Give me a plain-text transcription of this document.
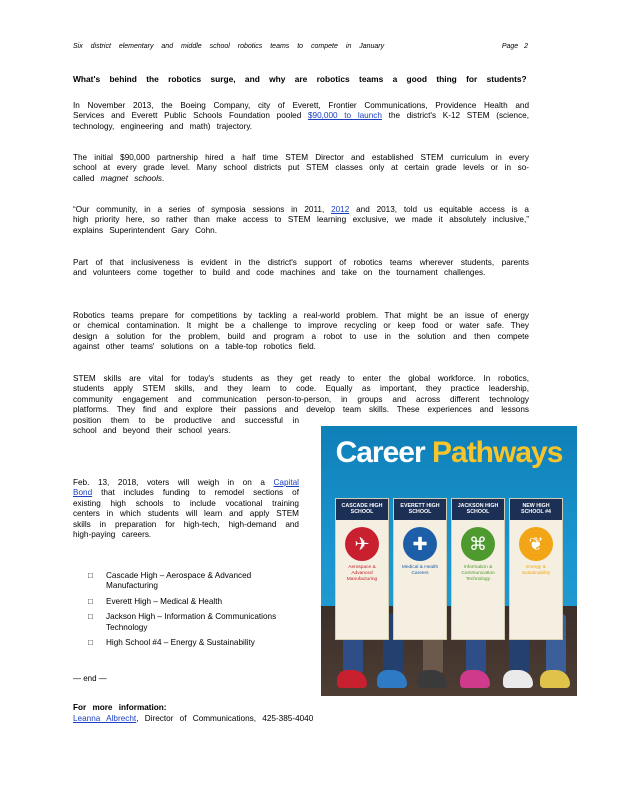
Six district elementary and middle school robotics teams to compete in January	Page 2
What's behind the robotics surge, and why are robotics teams a good thing for students?
In November 2013, the Boeing Company, city of Everett, Frontier Communications, Providence Health and Services and Everett Public Schools Foundation pooled $90,000 to launch the district's K-12 STEM (science, technology, engineering and math) trajectory.
The initial $90,000 partnership hired a half time STEM Director and established STEM curriculum in every school at every grade level. Many school districts put STEM classes only at certain grade levels or in so-called magnet schools.
“Our community, in a series of symposia sessions in 2011, 2012 and 2013, told us equitable access is a high priority here, so rather than make access to STEM learning exclusive, we made it absolutely inclusive,” explains Superintendent Gary Cohn.
Part of that inclusiveness is evident in the district's support of robotics teams wherever students, parents and volunteers come together to build and code machines and take on the tournament challenges.
Robotics teams prepare for competitions by tackling a real-world problem. That might be an issue of energy or chemical contamination. It might be a challenge to improve recycling or keep food or water safe. They design a solution for the problem, build and program a robot to use in the solution and then compete against other teams' solutions on a table-top robotics field.
STEM skills are vital for today's students as they get ready to enter the global workforce. In robotics, students apply STEM skills, and they learn to code. Equally as important, they practice leadership, community engagement and communication person-to-person, in groups and across different technology platforms. They find and explore their passions and develop team skills. These experiences and lessons position them to be productive and successful in school and beyond their school years.
Feb. 13, 2018, voters will weigh in on a Capital Bond that includes funding to remodel sections of existing high schools to include vocational training centers in which students will learn and apply STEM skills in preparation for high-tech, high-demand and high-paying careers.
□	Cascade High – Aerospace & Advanced Manufacturing
□	Everett High – Medical & Health
□	Jackson High – Information & Communications Technology
□	High School #4 – Energy & Sustainability
— end —
For more information:
Leanna Albrecht, Director of Communications, 425-385-4040
Career Pathways
CASCADE HIGH SCHOOL
✈
Aerospace & Advanced Manufacturing
EVERETT HIGH SCHOOL
✚
Medical & Health Careers
JACKSON HIGH SCHOOL
⌘
Information & Communication Technology
NEW HIGH SCHOOL #4
❦
Energy & Sustainability
